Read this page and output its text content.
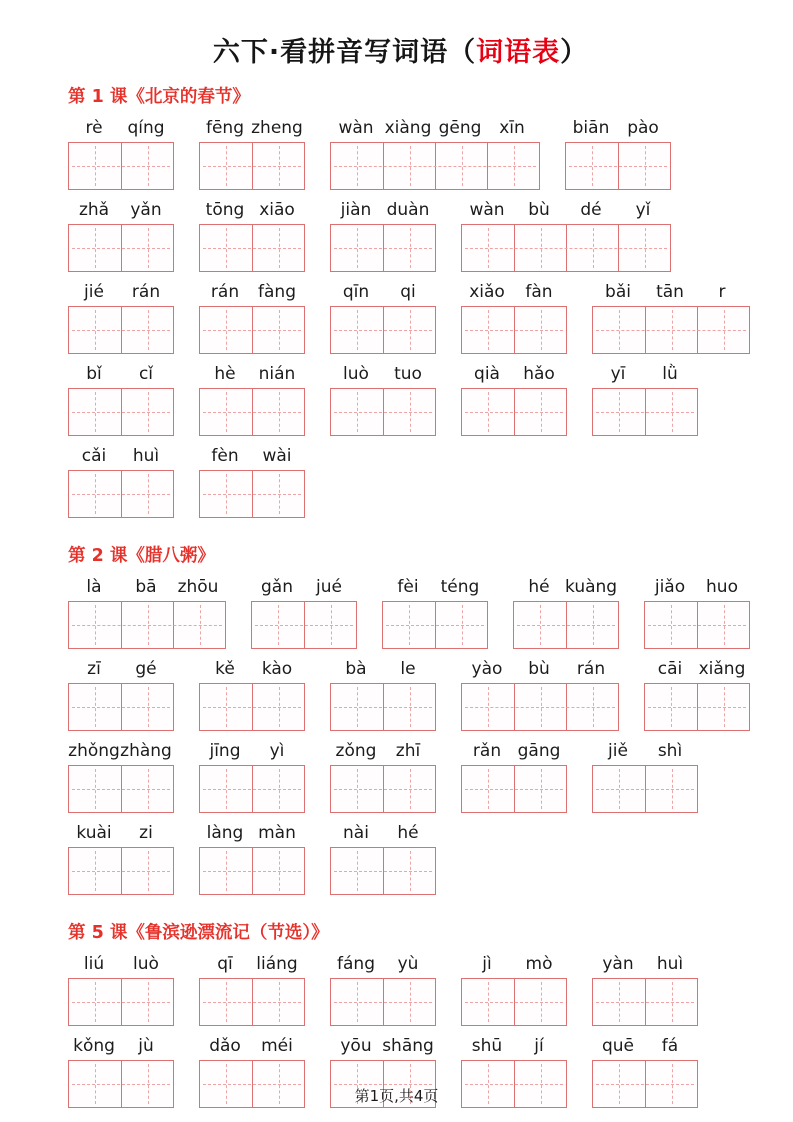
六下·看拼音写词语（词语表）
第 1 课《北京的春节》
rè	qíng	fēng zheng	wàn xiàng gēng	xīn	biān	pào
zhǎ	yǎn	tōng xiāo	jiàn duàn	wàn	bù	dé	yǐ
jié	rán	rán	fàng	qīn	qi	xiǎo	fàn	bǎi	tān	r
bǐ	cǐ	hè	nián	luò	tuo	qià	hǎo	yī	lǜ
cǎi	huì	fèn	wài
第 2 课《腊八粥》
là	bā	zhōu	gǎn	jué	fèi	téng	hé kuàng	jiǎo	huo
zī	gé	kě	kào	bà	le	yào	bù	rán	cāi xiǎng
zhǒng zhàng	jīng	yì	zǒng	zhī	rǎn gāng	jiě	shì
kuài	zi	làng màn	nài	hé
第 5 课《鲁滨逊漂流记（节选）》
liú	luò	qī	liáng	fáng	yù	jì	mò	yàn	huì
kǒng	jù	dǎo	méi	yōu shāng	shū	jí	quē	fá
第1页,共4页
